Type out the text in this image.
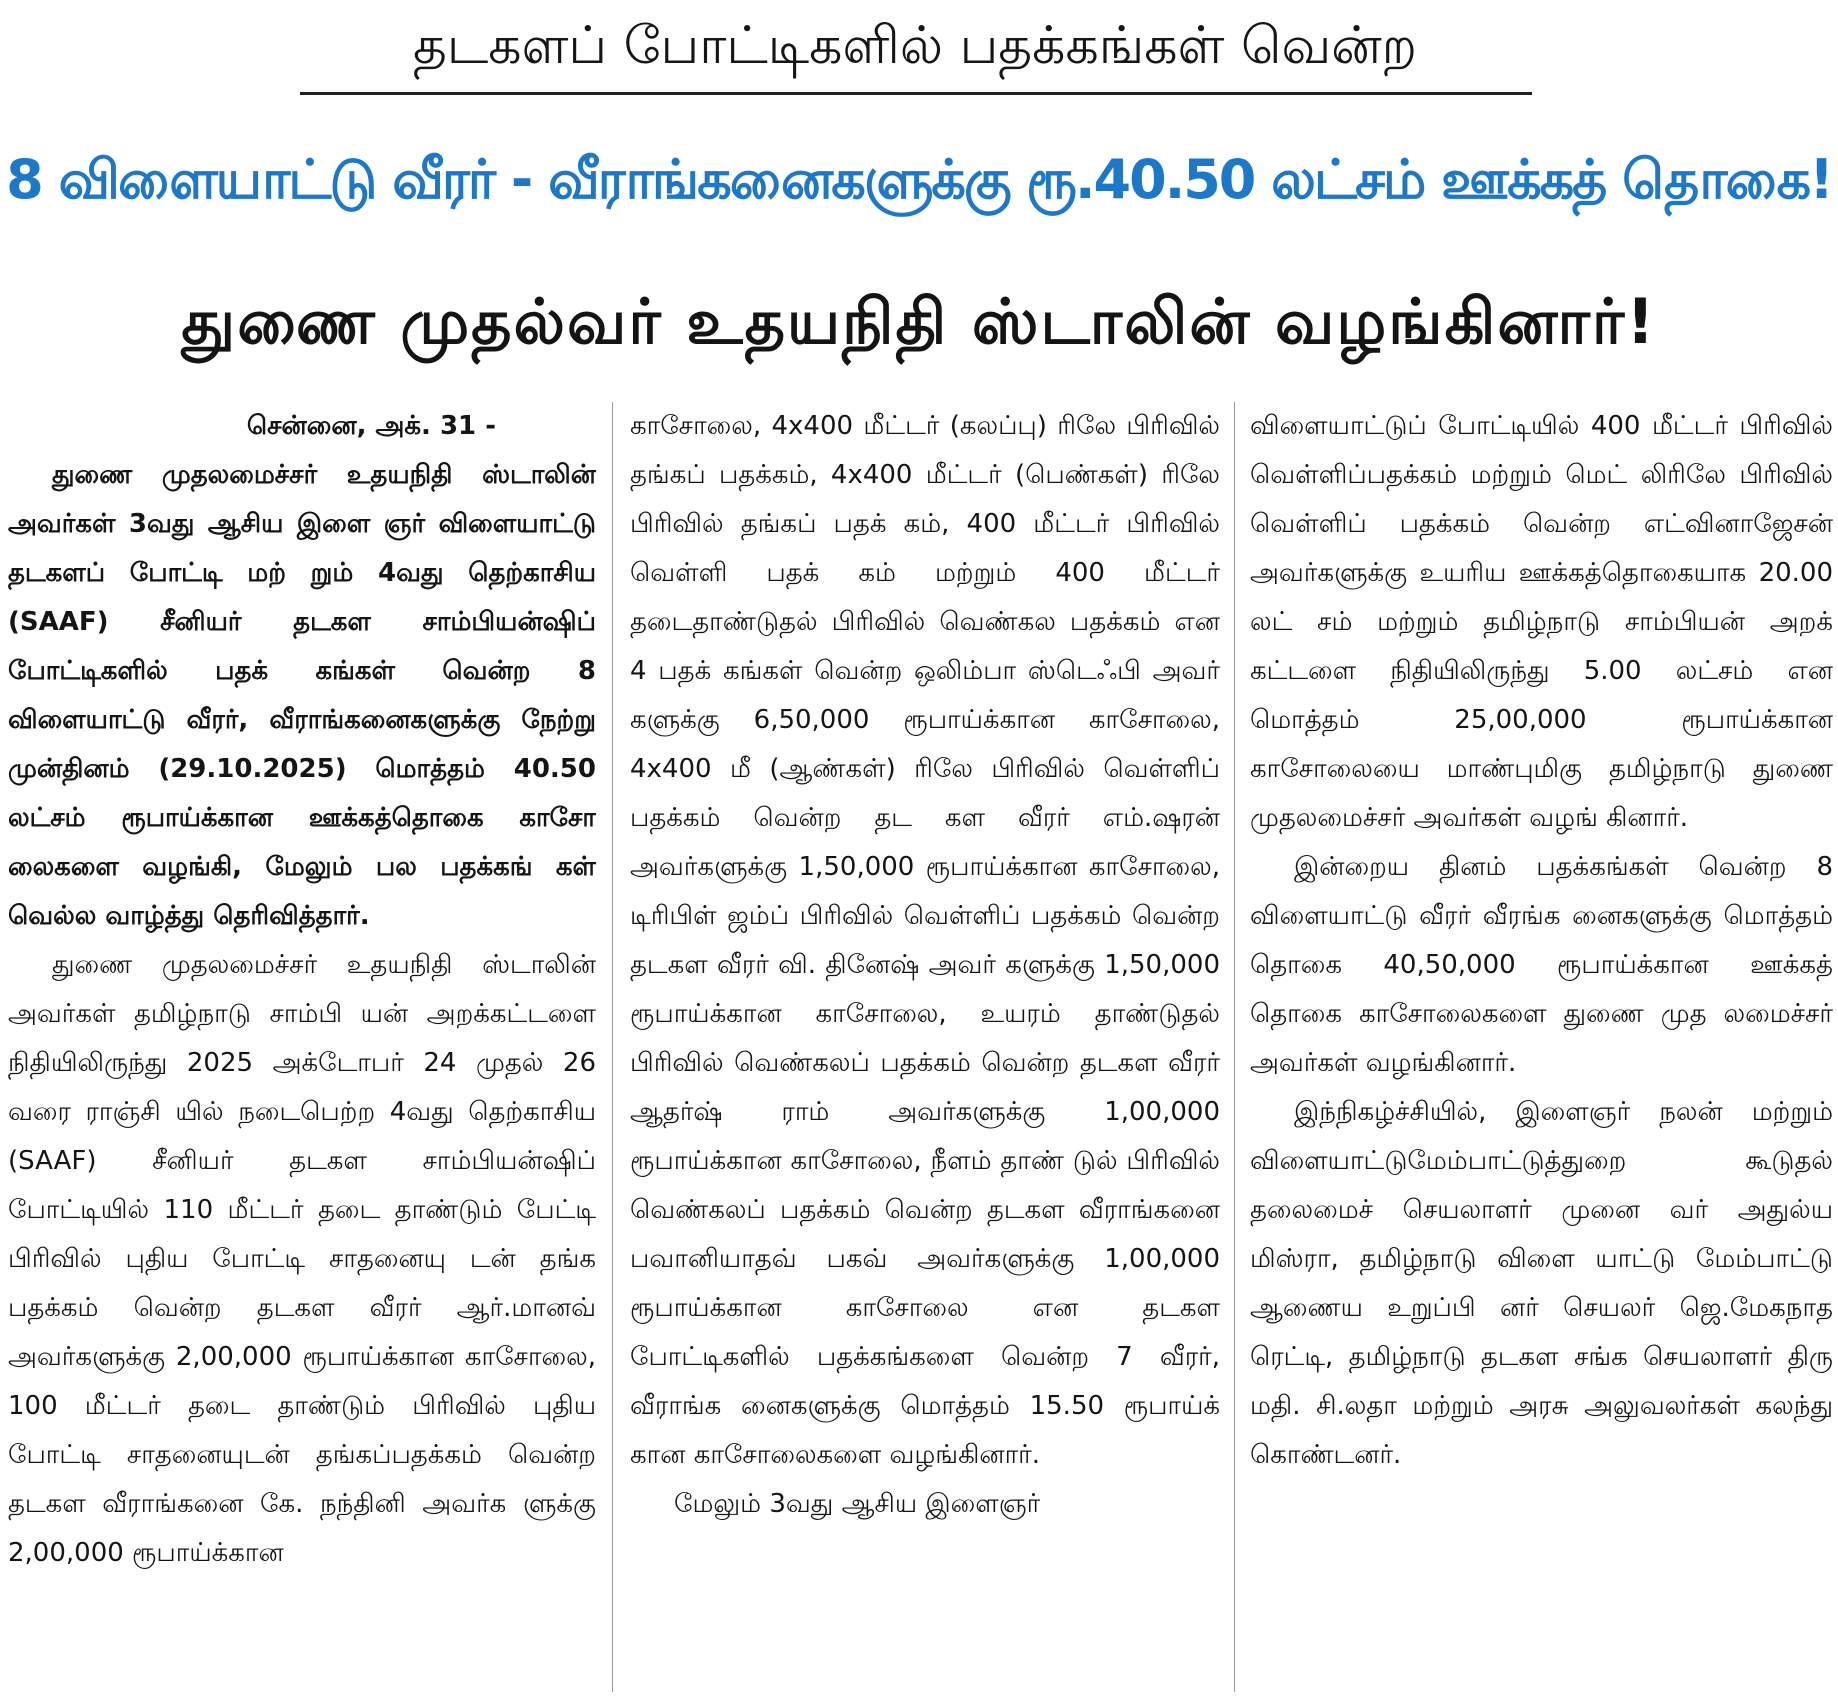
தடகளப் போட்டிகளில் பதக்கங்கள் வென்ற
8 விளையாட்டு வீரர் - வீராங்கனைகளுக்கு ரூ.40.50 லட்சம் ஊக்கத் தொகை!
துணை முதல்வர் உதயநிதி ஸ்டாலின் வழங்கினார்!
சென்னை, அக். 31 -

துணை முதலமைச்சர் உதயநிதி ஸ்டாலின் அவர்கள் 3வது ஆசிய இளை ஞர் விளையாட்டு தடகளப் போட்டி மற் றும் 4வது தெற்காசிய (SAAF) சீனியர் தடகள சாம்பியன்ஷிப் போட்டிகளில் பதக் கங்கள் வென்ற 8 விளையாட்டு வீரர், வீராங்கனைகளுக்கு நேற்று முன்தினம் (29.10.2025) மொத்தம் 40.50 லட்சம் ரூபாய்க்கான ஊக்கத்தொகை காசோ லைகளை வழங்கி, மேலும் பல பதக்கங் கள் வெல்ல வாழ்த்து தெரிவித்தார்.

துணை முதலமைச்சர் உதயநிதி ஸ்டாலின் அவர்கள் தமிழ்நாடு சாம்பி யன் அறக்கட்டளை நிதியிலிருந்து 2025 அக்டோபர் 24 முதல் 26 வரை ராஞ்சி யில் நடைபெற்ற 4வது தெற்காசிய (SAAF) சீனியர் தடகள சாம்பியன்ஷிப் போட்டியில் 110 மீட்டர் தடை தாண்டும் பேட்டி பிரிவில் புதிய போட்டி சாதனையு டன் தங்க பதக்கம் வென்ற தடகள வீரர் ஆர்.மானவ் அவர்களுக்கு 2,00,000 ரூபாய்க்கான காசோலை, 100 மீட்டர் தடை தாண்டும் பிரிவில் புதிய போட்டி சாதனையுடன் தங்கப்பதக்கம் வென்ற தடகள வீராங்கனை கே. நந்தினி அவர்க ளுக்கு 2,00,000 ரூபாய்க்கான

காசோலை, 4x400 மீட்டர் (கலப்பு) ரிலே பிரிவில் தங்கப் பதக்கம், 4x400 மீட்டர் (பெண்கள்) ரிலே பிரிவில் தங்கப் பதக் கம், 400 மீட்டர் பிரிவில் வெள்ளி பதக் கம் மற்றும் 400 மீட்டர் தடைதாண்டுதல் பிரிவில் வெண்கல பதக்கம் என 4 பதக் கங்கள் வென்ற ஒலிம்பா ஸ்டெஃபி அவர் களுக்கு 6,50,000 ரூபாய்க்கான காசோலை, 4x400 மீ (ஆண்கள்) ரிலே பிரிவில் வெள்ளிப் பதக்கம் வென்ற தட கள வீரர் எம்.ஷரன் அவர்களுக்கு 1,50,000 ரூபாய்க்கான காசோலை, டிரிபிள் ஜம்ப் பிரிவில் வெள்ளிப் பதக்கம் வென்ற தடகள வீரர் வி. தினேஷ் அவர் களுக்கு 1,50,000 ரூபாய்க்கான காசோலை, உயரம் தாண்டுதல் பிரிவில் வெண்கலப் பதக்கம் வென்ற தடகள வீரர் ஆதர்ஷ் ராம் அவர்களுக்கு 1,00,000 ரூபாய்க்கான காசோலை, நீளம் தாண் டுல் பிரிவில் வெண்கலப் பதக்கம் வென்ற தடகள வீராங்கனை பவானியாதவ் பகவ் அவர்களுக்கு 1,00,000 ரூபாய்க்கான காசோலை என தடகள போட்டிகளில் பதக்கங்களை வென்ற 7 வீரர், வீராங்க னைகளுக்கு மொத்தம் 15.50 ரூபாய்க் கான காசோலைகளை வழங்கினார்.

மேலும் 3வது ஆசிய இளைஞர்

விளையாட்டுப் போட்டியில் 400 மீட்டர் பிரிவில் வெள்ளிப்பதக்கம் மற்றும் மெட் லிரிலே பிரிவில் வெள்ளிப் பதக்கம் வென்ற எட்வினாஜேசன் அவர்களுக்கு உயரிய ஊக்கத்தொகையாக 20.00 லட் சம் மற்றும் தமிழ்நாடு சாம்பியன் அறக் கட்டளை நிதியிலிருந்து 5.00 லட்சம் என மொத்தம் 25,00,000 ரூபாய்க்கான காசோலையை மாண்புமிகு தமிழ்நாடு துணை முதலமைச்சர் அவர்கள் வழங் கினார்.

இன்றைய தினம் பதக்கங்கள் வென்ற 8 விளையாட்டு வீரர் வீரங்க னைகளுக்கு மொத்தம் தொகை 40,50,000 ரூபாய்க்கான ஊக்கத் தொகை காசோலைகளை துணை முத லமைச்சர் அவர்கள் வழங்கினார்.

இந்நிகழ்ச்சியில், இளைஞர் நலன் மற்றும் விளையாட்டுமேம்பாட்டுத்துறை கூடுதல் தலைமைச் செயலாளர் முனை வர் அதுல்ய மிஸ்ரா, தமிழ்நாடு விளை யாட்டு மேம்பாட்டு ஆணைய உறுப்பி னர் செயலர் ஜெ.மேகநாத ரெட்டி, தமிழ்நாடு தடகள சங்க செயலாளர் திரு மதி. சி.லதா மற்றும் அரசு அலுவலர்கள் கலந்து கொண்டனர்.
